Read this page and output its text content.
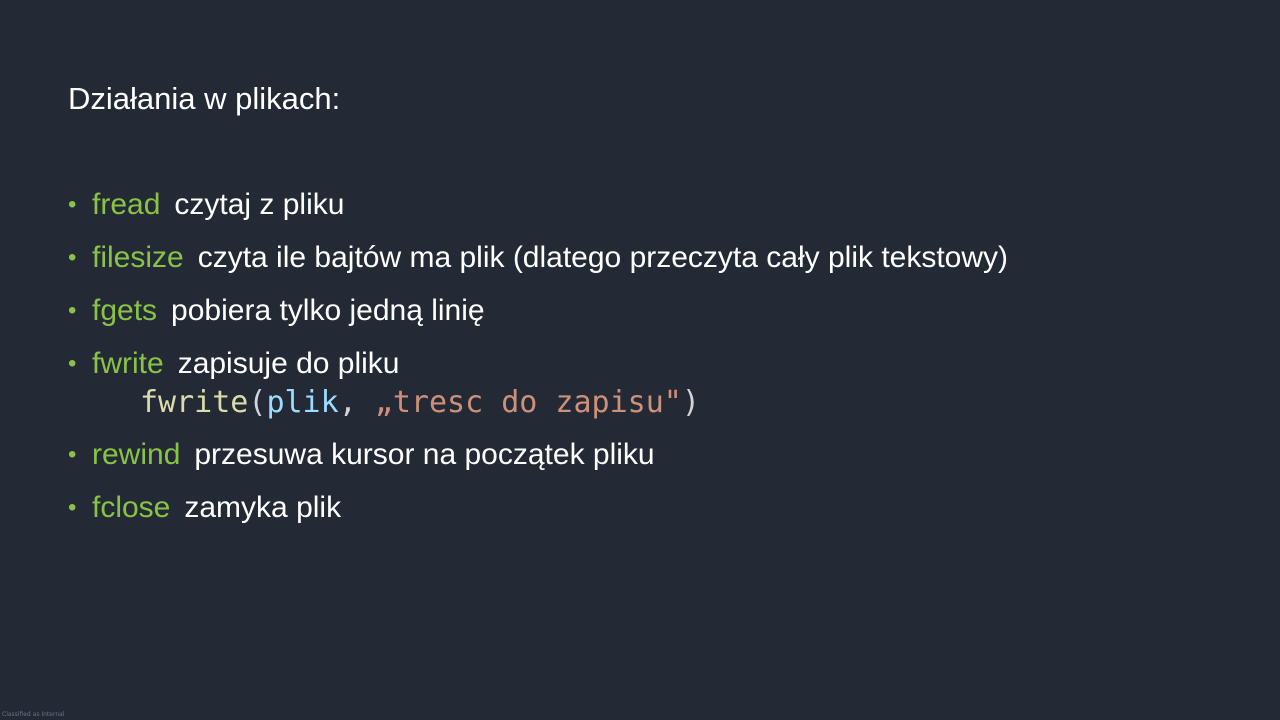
Działania w plikach:
• fread czytaj z pliku
• filesize czyta ile bajtów ma plik (dlatego przeczyta cały plik tekstowy)
• fgets pobiera tylko jedną linię
• fwrite zapisuje do pliku
fwrite(plik, „tresc do zapisu")
• rewind przesuwa kursor na początek pliku
• fclose zamyka plik
Classified as Internal
